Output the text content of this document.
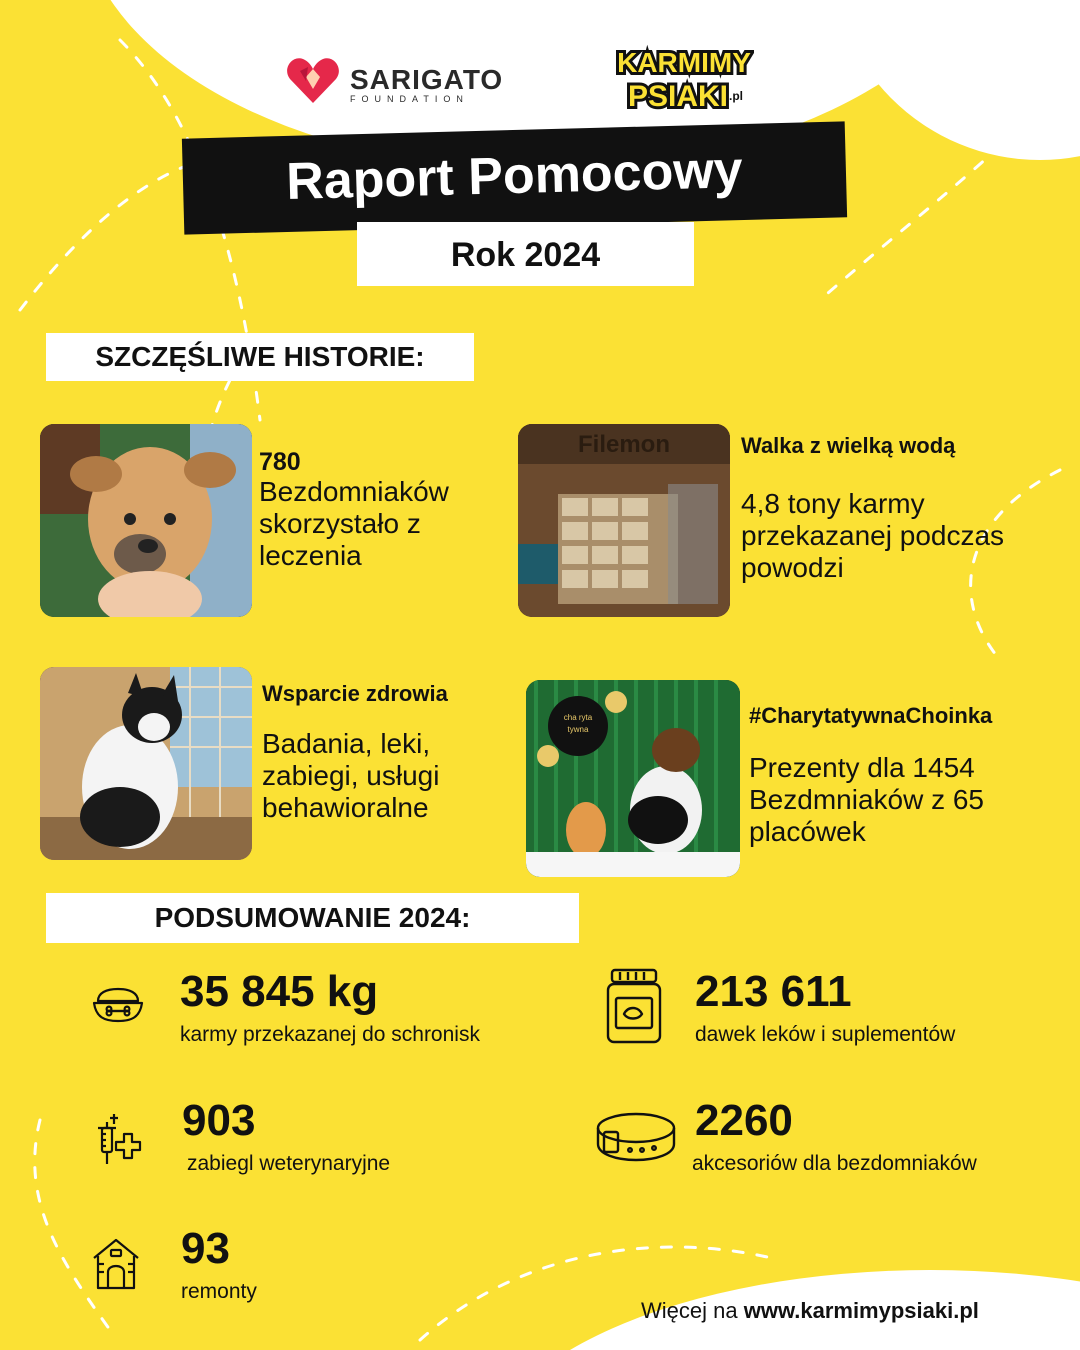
SARIGATO
FOUNDATION
KARMIMY
PSIAKI .pl
Raport Pomocowy
Rok 2024
SZCZĘŚLIWE HISTORIE:
780
Bezdomniaków skorzystało z leczenia
Filemon	Walka z wielką wodą
4,8 tony karmy przekazanej podczas powodzi
Wsparcie zdrowia
Badania, leki, zabiegi, usługi behawioralne
cha ryta
tywna
#CharytatywnaChoinka
Prezenty dla 1454 Bezdmniaków z 65 placówek
PODSUMOWANIE 2024:
35 845 kg
karmy przekazanej do schronisk
213 611
dawek leków i suplementów
903
zabiegl weterynaryjne
2260
akcesoriów dla bezdomniaków
93
remonty
Więcej na www.karmimypsiaki.pl
